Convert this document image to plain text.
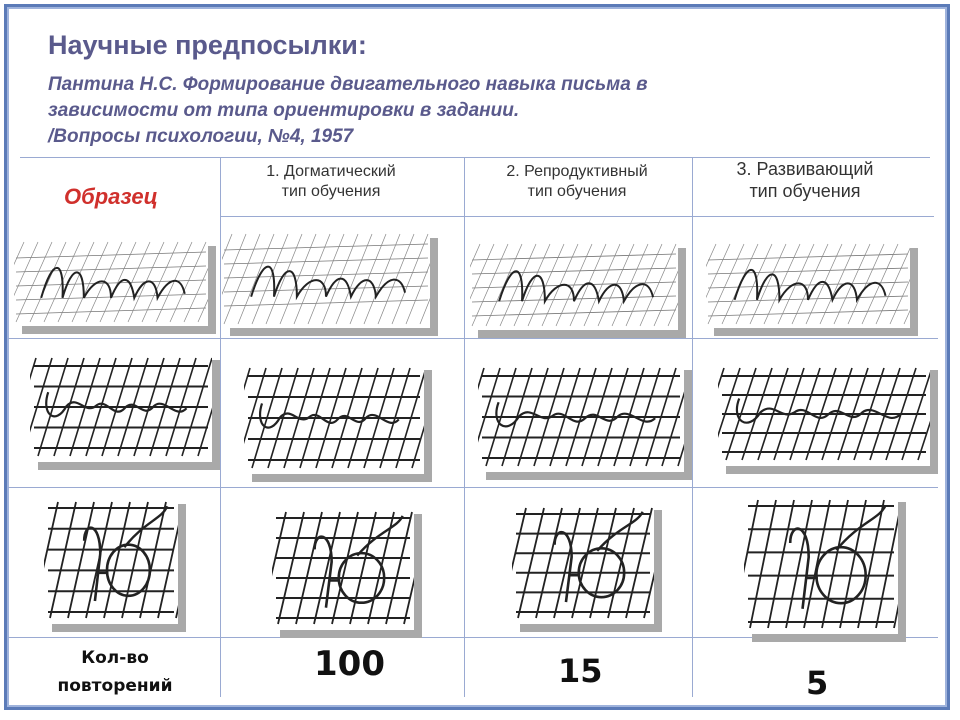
Научные предпосылки:
Пантина Н.С. Формирование двигательного навыка письма в
зависимости от типа ориентировки в задании.
/Вопросы психологии, №4, 1957
Образец
1. Догматический
тип обучения
2. Репродуктивный
тип обучения
3. Развивающий
тип обучения
Кол-во
повторений
100	15	5
